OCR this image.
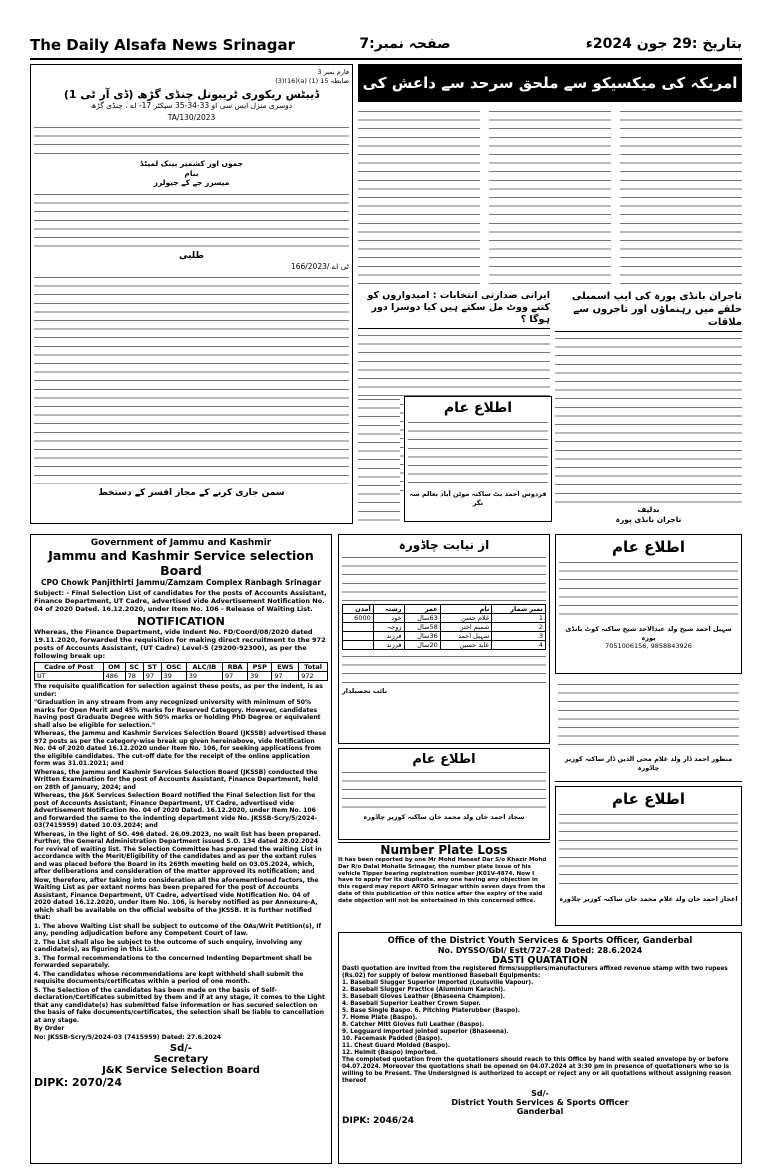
The Daily Alsafa News Srinagar	صفحہ نمبر:7	بتاریخ :29 جون 2024ء
امریکہ کی میکسیکو سے ملحق سرحد سے داعش کی
فارم نمبر 3
ضابطہ 15 (1) (a)(16)(3)
ڈیبٹس ریکوری ٹریبونل چنڈی گڑھ (ڈی آر ٹی 1)
دوسری منزل ایس سی او 33-34-35 سیکٹر 17- اے ، چنڈی گڑھ
TA/130/2023
جموں اور کشمیر بینک لمیٹڈ
بنام
میسرز جے کے جیولرز
طلبی
ٹی اے /166/2023
سمن جاری کرنے کے مجاز افسر کے دستخط
تاجران بانڈی پورہ کی ایپ اسمبلی حلقے میں رہنماؤں اور تاجروں سے ملاقات
بدلیف
تاجران بانڈی پورہ
ایرانی صدارتی انتخابات : امیدواروں کو کتنے ووٹ مل سکتے ہیں کیا دوسرا دور ہوگا ؟
اطلاع عام
فردوس احمد بٹ ساکنہ موٹن آباد بعالم سہ نگر
Government of Jammu and Kashmir
Jammu and Kashmir Service selection Board
CPO Chowk Panjithirti Jammu/Zamzam Complex Ranbagh Srinagar
Subject: - Final Selection List of candidates for the posts of Accounts Assistant, Finance Department, UT Cadre, advertised vide Advertisement Notification No. 04 of 2020 Dated. 16.12.2020, under Item No. 106 - Release of Waiting List.
NOTIFICATION
Whereas, the Finance Department, vide Indent No. FD/Coord/08/2020 dated 19.11.2020, forwarded the requisition for making direct recruitment to the 972 posts of Accounts Assistant, (UT Cadre) Level-5 (29200-92300), as per the following break up:
Cadre of Post	OM	SC	ST	OSC	ALC/IB	RBA	PSP	EWS	Total
UT	486	78	97	39	39	97	39	97	972
The requisite qualification for selection against these posts, as per the indent, is as under:
"Graduation in any stream from any recognized university with minimum of 50% marks for Open Merit and 45% marks for Reserved Category. However, candidates having post Graduate Degree with 50% marks or holding PhD Degree or equivalent shall also be eligible for selection."
Whereas, the Jammu and Kashmir Services Selection Board (JKSSB) advertised these 972 posts as per the category-wise break up given hereinabove, vide Notification No. 04 of 2020 dated 16.12.2020 under Item No. 106, for seeking applications from the eligible candidates. The cut-off date for the receipt of the online application form was 31.01.2021; and
Whereas, the Jammu and Kashmir Services Selection Board (JKSSB) conducted the Written Examination for the post of Accounts Assistant, Finance Department, held on 28th of January, 2024; and
Whereas, the J&K Services Selection Board notified the Final Selection list for the post of Accounts Assistant, Finance Department, UT Cadre, advertised vide Advertisement Notification No. 04 of 2020 Dated. 16.12.2020, under Item No. 106 and forwarded the same to the indenting department vide No. JKSSB-Scry/5/2024-03(7415959) dated 10.03.2024; and
Whereas, in the light of SO. 496 dated. 26.09.2023, no wait list has been prepared. Further, the General Administration Department issued S.O. 134 dated 28.02.2024 for revival of waiting list. The Selection Committee has prepared the waiting List in accordance with the Merit/Eligibility of the candidates and as per the extant rules and was placed before the Board in its 269th meeting held on 03.05.2024, which, after deliberations and consideration of the matter approved its notification; and
Now, therefore, after taking into consideration all the aforementioned factors, the Waiting List as per extant norms has been prepared for the post of Accounts Assistant, Finance Department, UT Cadre, advertised vide Notification No. 04 of 2020 dated 16.12.2020, under Item No. 106, is hereby notified as per Annexure-A, which shall be available on the official website of the JKSSB. It is further notified that:
1. The above Waiting List shall be subject to outcome of the OAs/Writ Petition(s), If any, pending adjudication before any Competent Court of law.
2. The List shall also be subject to the outcome of such enquiry, involving any candidate(s), as figuring in this List.
3. The formal recommendations to the concerned Indenting Department shall be forwarded separately.
4. The candidates whose recommendations are kept withheld shall submit the requisite documents/certificates within a period of one month.
5. The Selection of the candidates has been made on the basis of Self-declaration/Certificates submitted by them and if at any stage, it comes to the Light that any candidate(s) has submitted false information or has secured selection on the basis of fake documents/certificates, the selection shall be liable to cancellation at any stage.
By Order
No: JKSSB-Scry/5/2024-03 (7415959) Dated: 27.6.2024
Sd/-
Secretary
J&K Service Selection Board
DIPK: 2070/24
از نیابت چاڈورہ
نمبر شمار	نام	عمر	رشتہ	آمدن
1	غلام حسن	63سال	خود	6000
2	شمیم اختر	58سال	زوجہ	
3	سہیل احمد	36سال	فرزند	
4	عابد حسین	20سال	فرزند	
نائب تحصیلدار
اطلاع عام
سجاد احمد خان ولد محمد خان ساکنہ کوزیر چاڈورہ
Number Plate Loss
It has been reported by one Mr Mohd Haneef Dar S/o Khazir Mohd Dar R/o Dalal Mohalla Srinagar, the number plate Issue of his vehicle Tipper bearing registration number JK01V-4874. Now I have to apply for its duplicate. any one having any objection in this regard may report ARTO Srinagar within seven days from the date of this publication of this notice after the expiry of the said date objection will not be entertained in this concerned office.
اطلاع عام
سہیل احمد شیخ ولد عبدالاحد شیخ ساکنہ کوٹ بانڈی پورہ
7051006156, 9858843926
منظور احمد ڈار ولد غلام محی الدین ڈار ساکنہ کوزیر چاڈورہ
اطلاع عام
اعجاز احمد خان ولد غلام محمد خان ساکنہ کوزیر چاڈورہ
Office of the District Youth Services & Sports Officer, Ganderbal
No. DYSSO/Gbl/ Estt/727-28 Dated: 28.6.2024
DASTI QUATATION
Dasti quotation are invited from the registered firms/suppliers/manufacturers affixed revenue stamp with two rupees (Rs.02) for supply of below mentioned Baseball Equipments:
1. Baseball Slugger Superior Imported (Louisville Vapour).
2. Baseball Slugger Practice (Aluminium Karachi).
3. Baseball Gloves Leather (Bhaseena Champion).
4. Baseball Superior Leather Crown Super.
5. Base Single Baspo. 6. Pitching Platerubber (Baspo).
7. Home Plate (Baspo).
8. Catcher Mitt Gloves full Leather (Baspo).
9. Legguard imported jointed superior (Bhaseena).
10. Facemask Padded (Baspo).
11. Chest Guard Molded (Baspo).
12. Helmit (Baspo) Imported.
The completed quotation from the quotationers should reach to this Office by hand with sealed envelope by or before 04.07.2024. Moreover the quotations shall be opened on 04.07.2024 at 3:30 pm in presence of quotationers who so is willing to be Present. The Undersigned is authorized to accept or reject any or all quotations without assigning reason thereof
Sd/-
District Youth Services & Sports Officer
Ganderbal
DIPK: 2046/24
